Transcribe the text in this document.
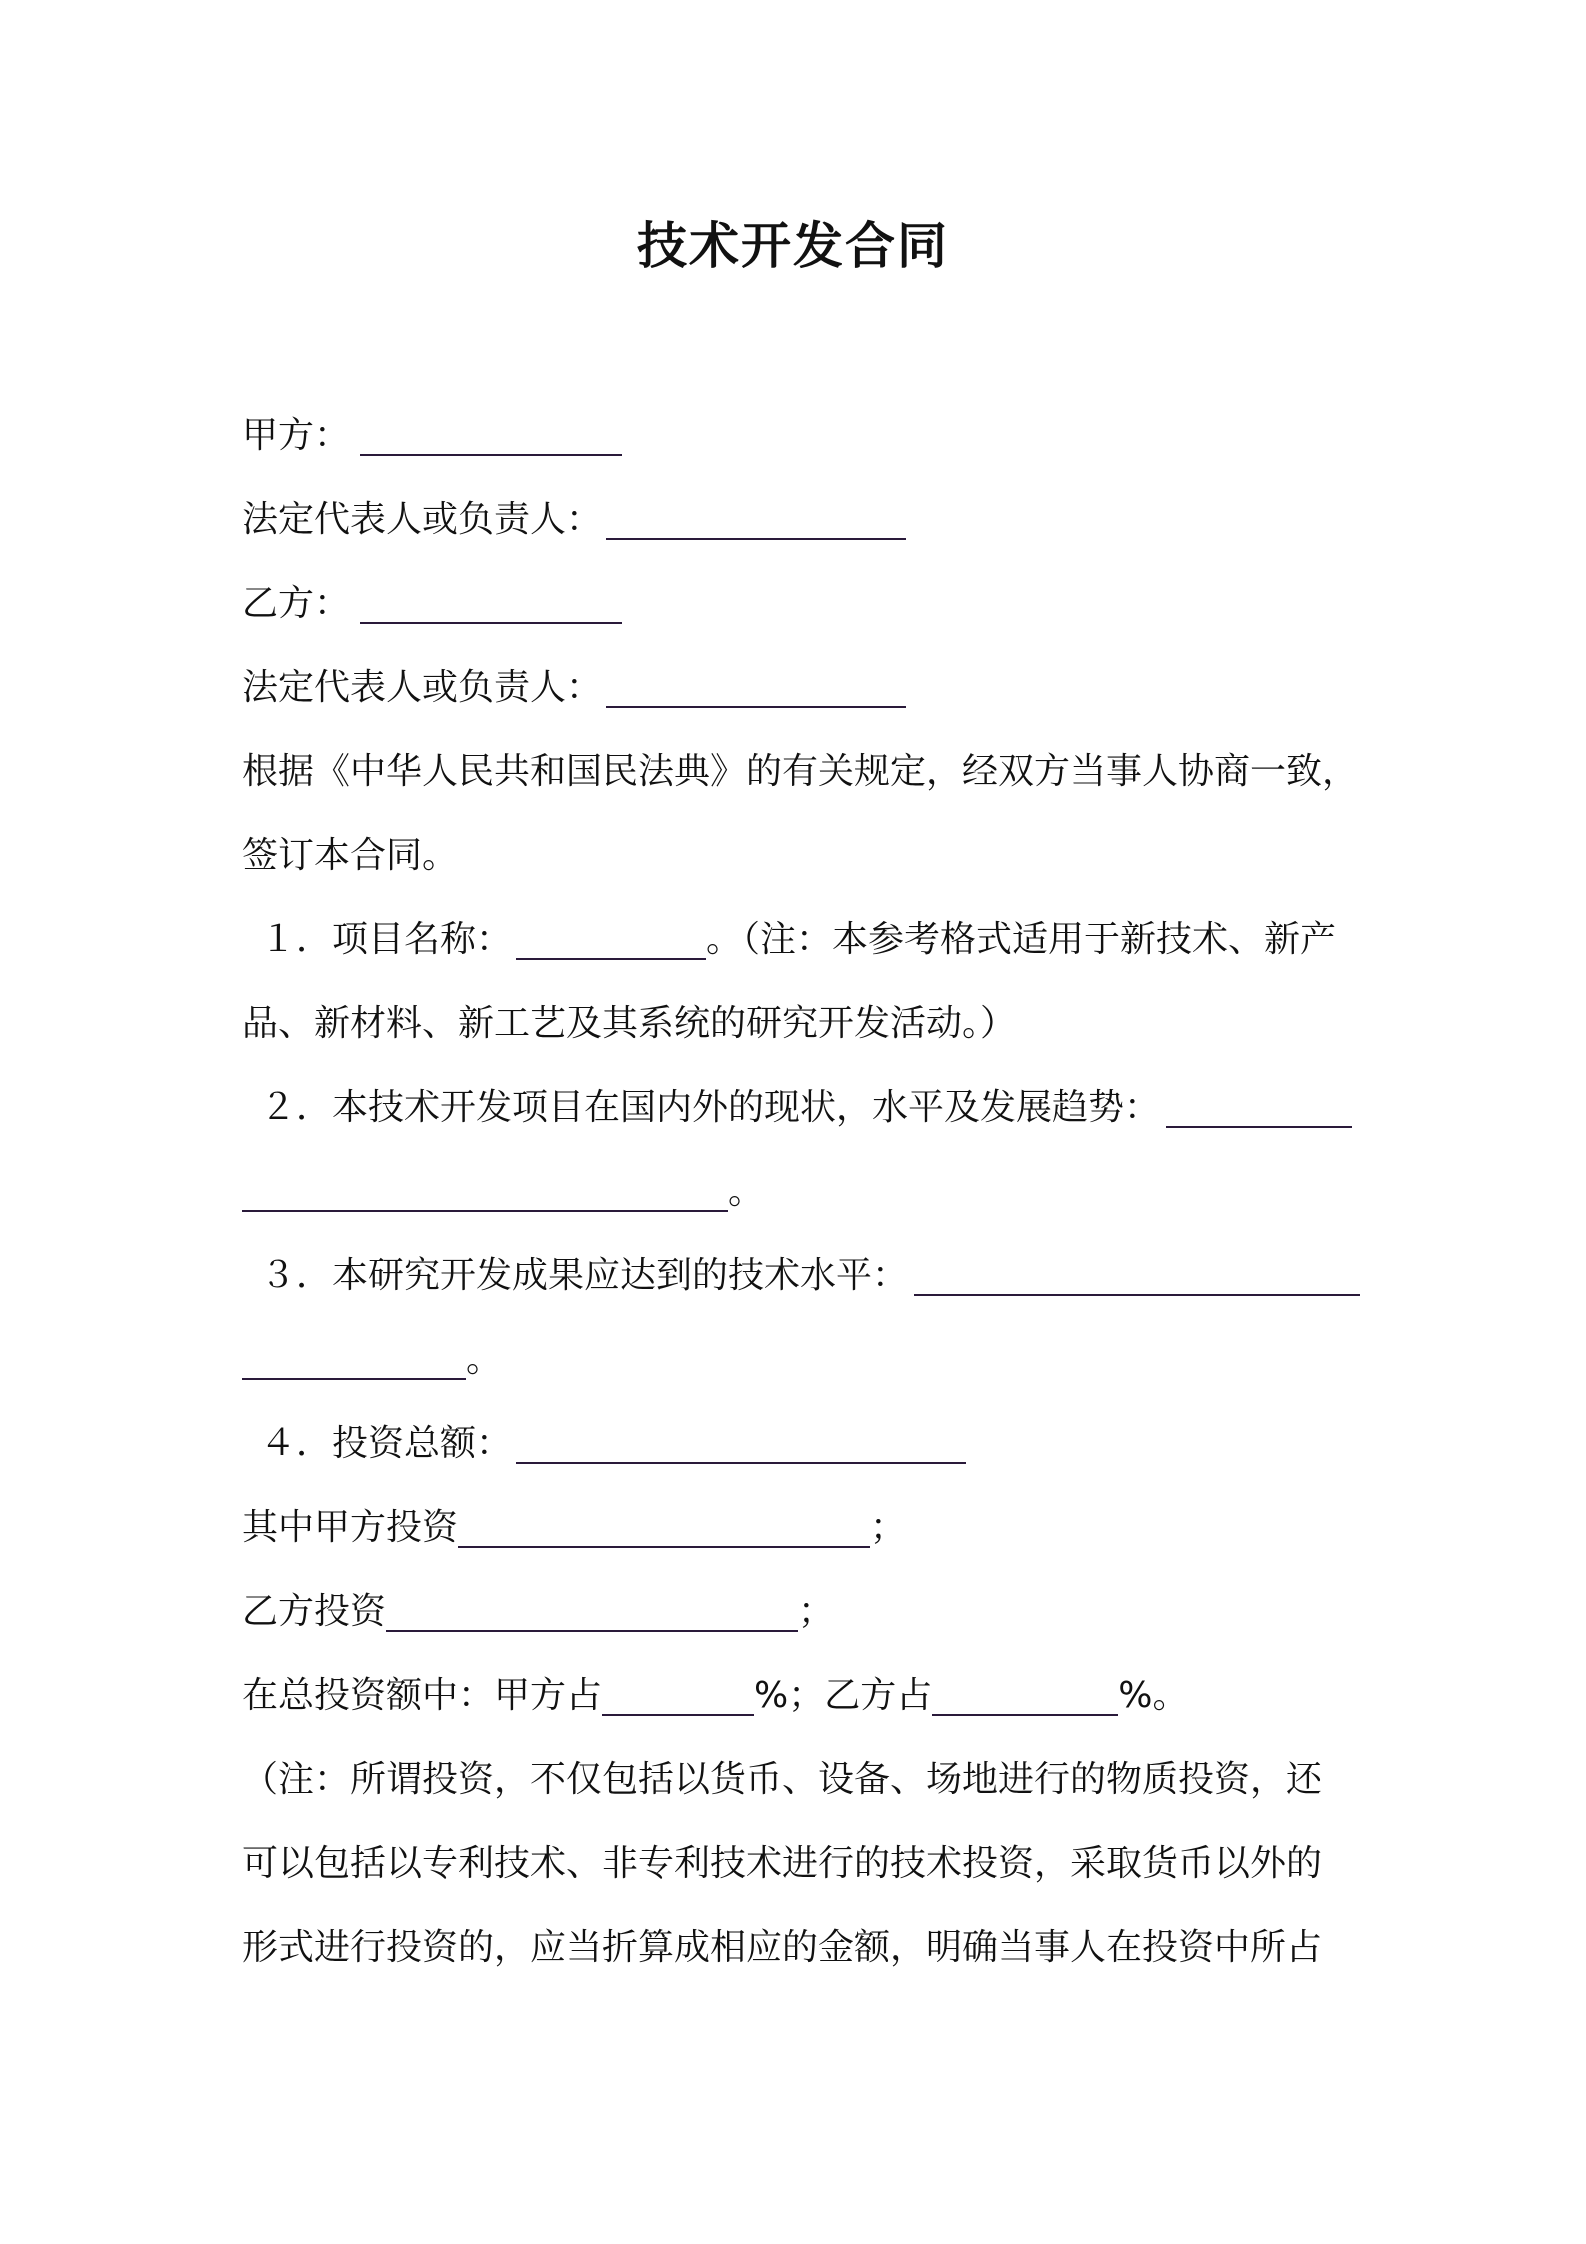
技术开发合同
甲方：
法定代表人或负责人：
乙方：
法定代表人或负责人：
根据《中华人民共和国民法典》的有关规定，经双方当事人协商一致，
签订本合同。
１．项目名称：	。（注：本参考格式适用于新技术、新产
品、新材料、新工艺及其系统的研究开发活动。）
２．本技术开发项目在国内外的现状，水平及发展趋势：
。
３．本研究开发成果应达到的技术水平：
。
４．投资总额：
其中甲方投资	；
乙方投资	；
在总投资额中：甲方占	%；乙方占	%。
（注：所谓投资，不仅包括以货币、设备、场地进行的物质投资，还
可以包括以专利技术、非专利技术进行的技术投资，采取货币以外的
形式进行投资的，应当折算成相应的金额，明确当事人在投资中所占
